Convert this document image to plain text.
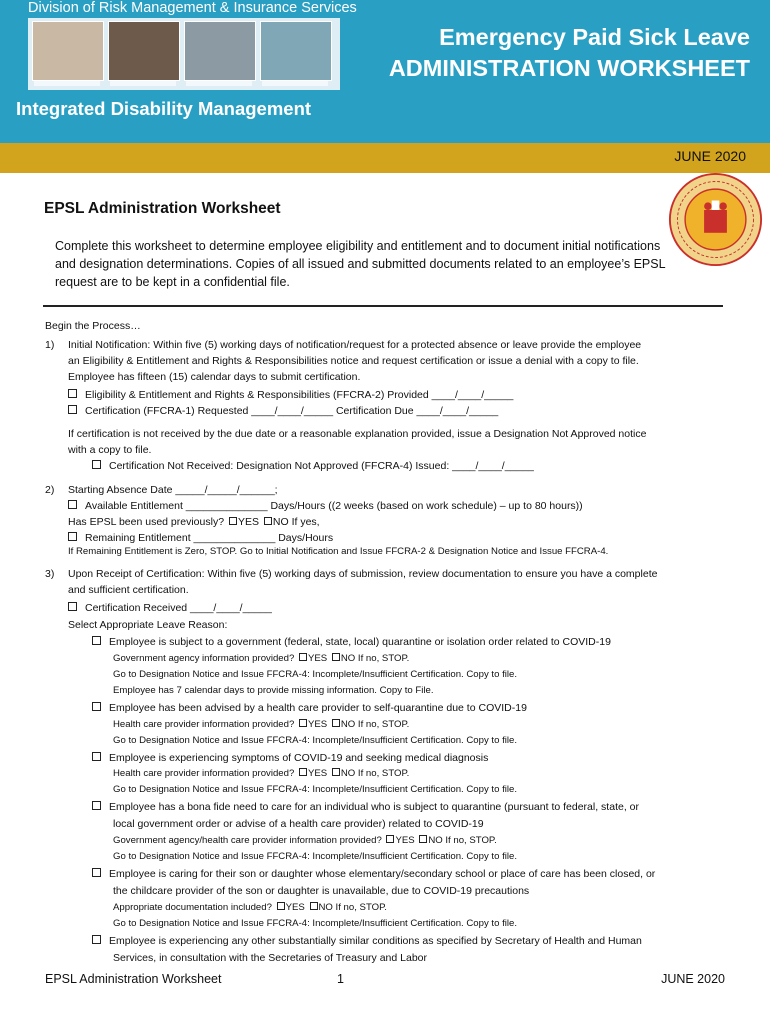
Division of Risk Management & Insurance Services
Emergency Paid Sick Leave
ADMINISTRATION WORKSHEET
Integrated Disability Management
JUNE 2020
EPSL Administration Worksheet
Complete this worksheet to determine employee eligibility and entitlement and to document initial notifications and designation determinations. Copies of all issued and submitted documents related to an employee’s EPSL request are to be kept in a confidential file.
Begin the Process…
1) Initial Notification: Within five (5) working days of notification/request for a protected absence or leave provide the employee
an Eligibility & Entitlement and Rights & Responsibilities notice and request certification or issue a denial with a copy to file.
Employee has fifteen (15) calendar days to submit certification.
Eligibility & Entitlement and Rights & Responsibilities (FFCRA-2) Provided ____/____/_____
Certification (FFCRA-1) Requested ____/____/_____ Certification Due ____/____/_____
If certification is not received by the due date or a reasonable explanation provided, issue a Designation Not Approved notice
with a copy to file.
Certification Not Received: Designation Not Approved (FFCRA-4) Issued: ____/____/_____
2) Starting Absence Date _____/_____/______;
Available Entitlement ______________ Days/Hours ((2 weeks (based on work schedule) – up to 80 hours))
Has EPSL been used previously? YES NO If yes,
Remaining Entitlement ______________ Days/Hours
If Remaining Entitlement is Zero, STOP. Go to Initial Notification and Issue FFCRA-2 & Designation Notice and Issue FFCRA-4.
3) Upon Receipt of Certification: Within five (5) working days of submission, review documentation to ensure you have a complete
and sufficient certification.
Certification Received ____/____/_____
Select Appropriate Leave Reason:
Employee is subject to a government (federal, state, local) quarantine or isolation order related to COVID-19
Government agency information provided? YES NO If no, STOP.
Go to Designation Notice and Issue FFCRA-4: Incomplete/Insufficient Certification. Copy to file.
Employee has 7 calendar days to provide missing information. Copy to File.
Employee has been advised by a health care provider to self-quarantine due to COVID-19
Health care provider information provided? YES NO If no, STOP.
Go to Designation Notice and Issue FFCRA-4: Incomplete/Insufficient Certification. Copy to file.
Employee is experiencing symptoms of COVID-19 and seeking medical diagnosis
Health care provider information provided? YES NO If no, STOP.
Go to Designation Notice and Issue FFCRA-4: Incomplete/Insufficient Certification. Copy to file.
Employee has a bona fide need to care for an individual who is subject to quarantine (pursuant to federal, state, or
local government order or advise of a health care provider) related to COVID-19
Government agency/health care provider information provided? YES NO If no, STOP.
Go to Designation Notice and Issue FFCRA-4: Incomplete/Insufficient Certification. Copy to file.
Employee is caring for their son or daughter whose elementary/secondary school or place of care has been closed, or
the childcare provider of the son or daughter is unavailable, due to COVID-19 precautions
Appropriate documentation included? YES NO If no, STOP.
Go to Designation Notice and Issue FFCRA-4: Incomplete/Insufficient Certification. Copy to file.
Employee is experiencing any other substantially similar conditions as specified by Secretary of Health and Human
Services, in consultation with the Secretaries of Treasury and Labor
EPSL Administration Worksheet	1	JUNE 2020
